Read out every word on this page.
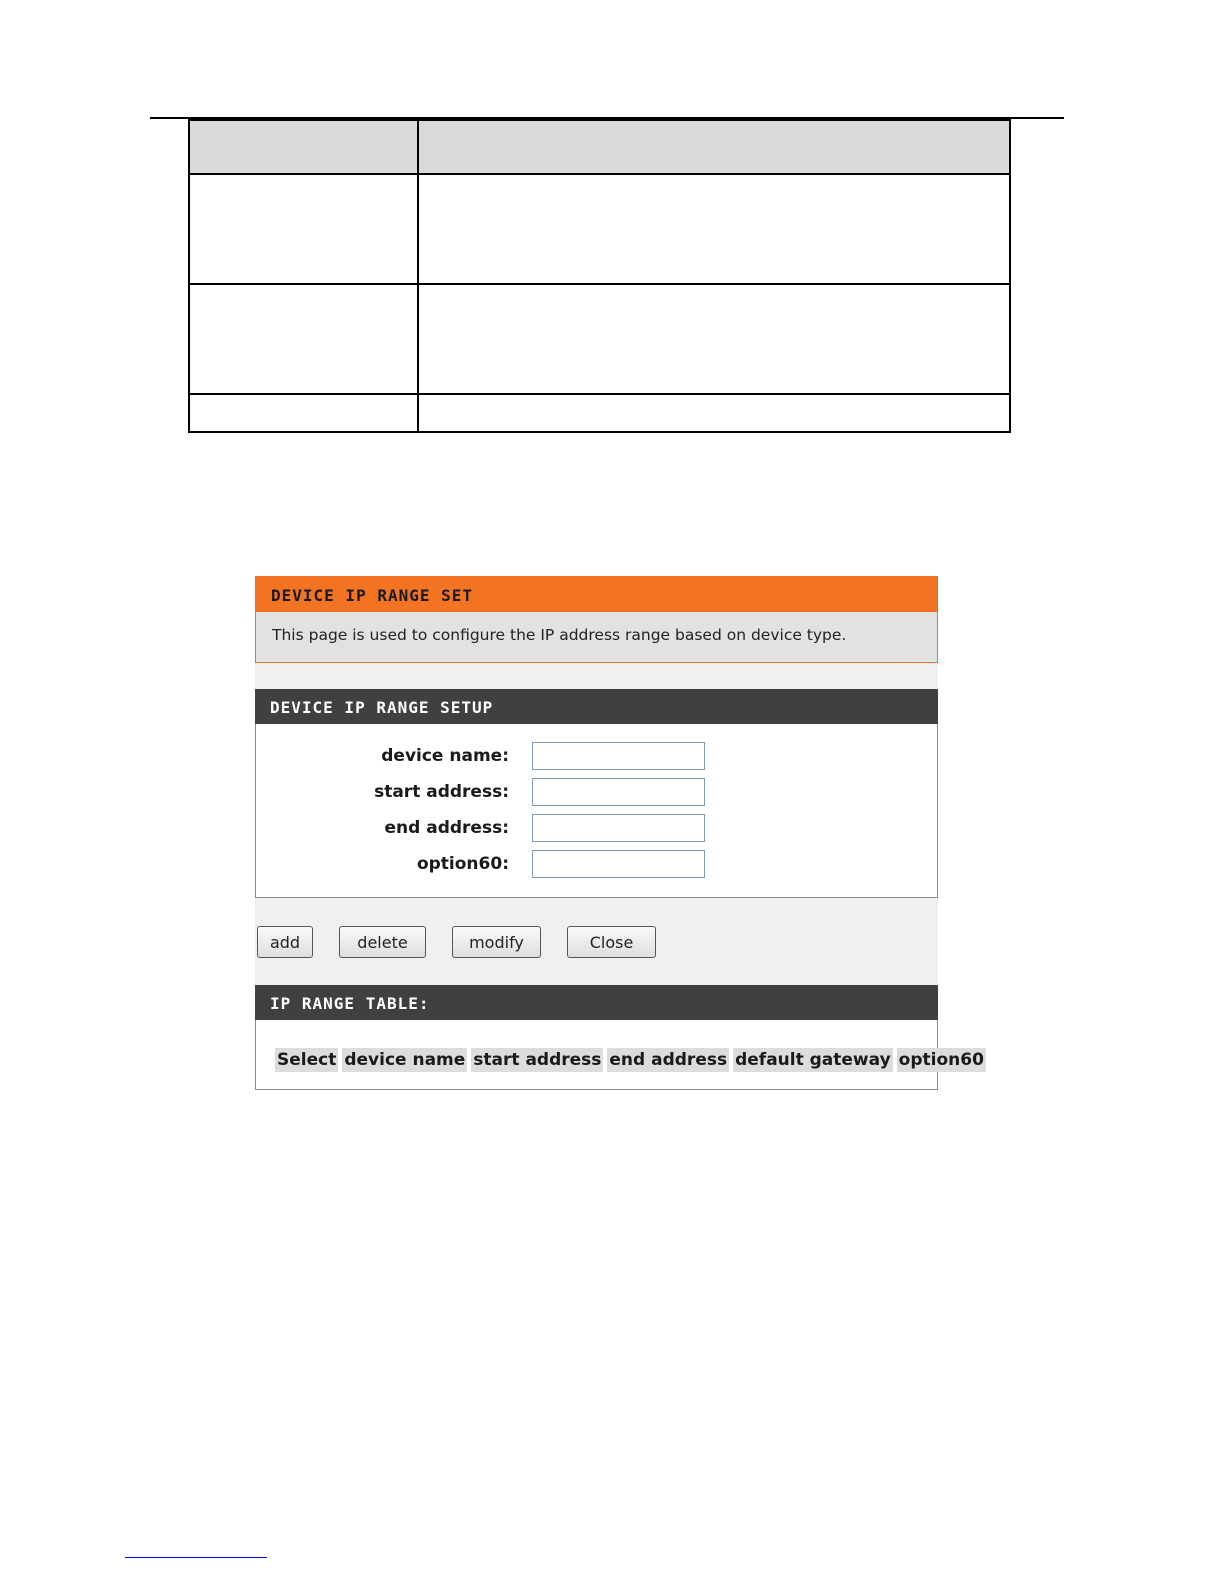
DEVICE IP RANGE SET
This page is used to configure the IP address range based on device type.
DEVICE IP RANGE SETUP
device name:
start address:
end address:
option60:
add	delete	modify	Close
IP RANGE TABLE:
Select	device name	start address	end address	default gateway	option60
